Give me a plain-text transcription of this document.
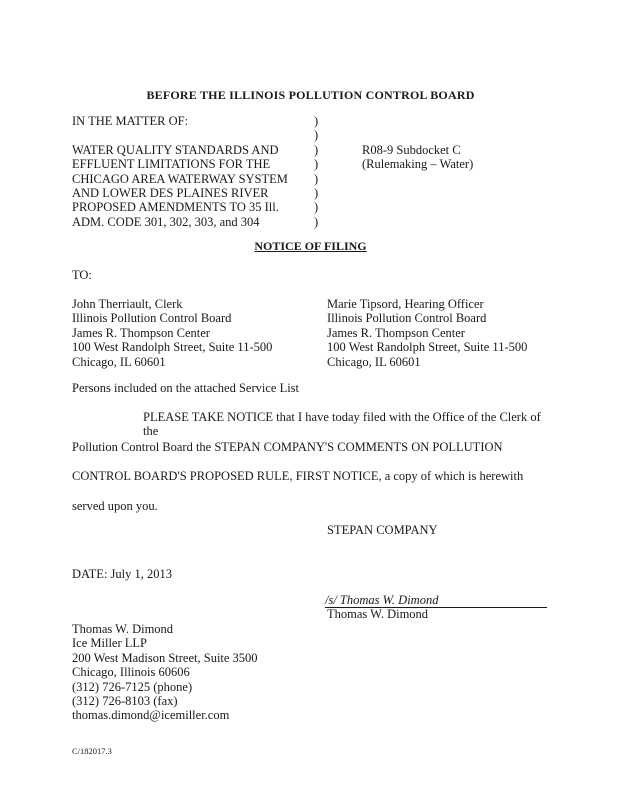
BEFORE THE ILLINOIS POLLUTION CONTROL BOARD
IN THE MATTER OF:
WATER QUALITY STANDARDS AND
EFFLUENT LIMITATIONS FOR THE
CHICAGO AREA WATERWAY SYSTEM
AND LOWER DES PLAINES RIVER
PROPOSED AMENDMENTS TO 35 Ill.
ADM. CODE 301, 302, 303, and 304
)
)
)
)
)
)
)
)
R08-9 Subdocket C
(Rulemaking – Water)
NOTICE OF FILING
TO:
John Therriault, Clerk
Illinois Pollution Control Board
James R. Thompson Center
100 West Randolph Street, Suite 11-500
Chicago, IL 60601
Marie Tipsord, Hearing Officer
Illinois Pollution Control Board
James R. Thompson Center
100 West Randolph Street, Suite 11-500
Chicago, IL 60601
Persons included on the attached Service List
PLEASE TAKE NOTICE that I have today filed with the Office of the Clerk of the
Pollution Control Board the STEPAN COMPANY'S COMMENTS ON POLLUTION
CONTROL BOARD'S PROPOSED RULE, FIRST NOTICE, a copy of which is herewith
served upon you.
STEPAN COMPANY
DATE: July 1, 2013
/s/ Thomas W. Dimond
Thomas W. Dimond
Thomas W. Dimond
Ice Miller LLP
200 West Madison Street, Suite 3500
Chicago, Illinois 60606
(312) 726-7125 (phone)
(312) 726-8103 (fax)
thomas.dimond@icemiller.com
C/182017.3
